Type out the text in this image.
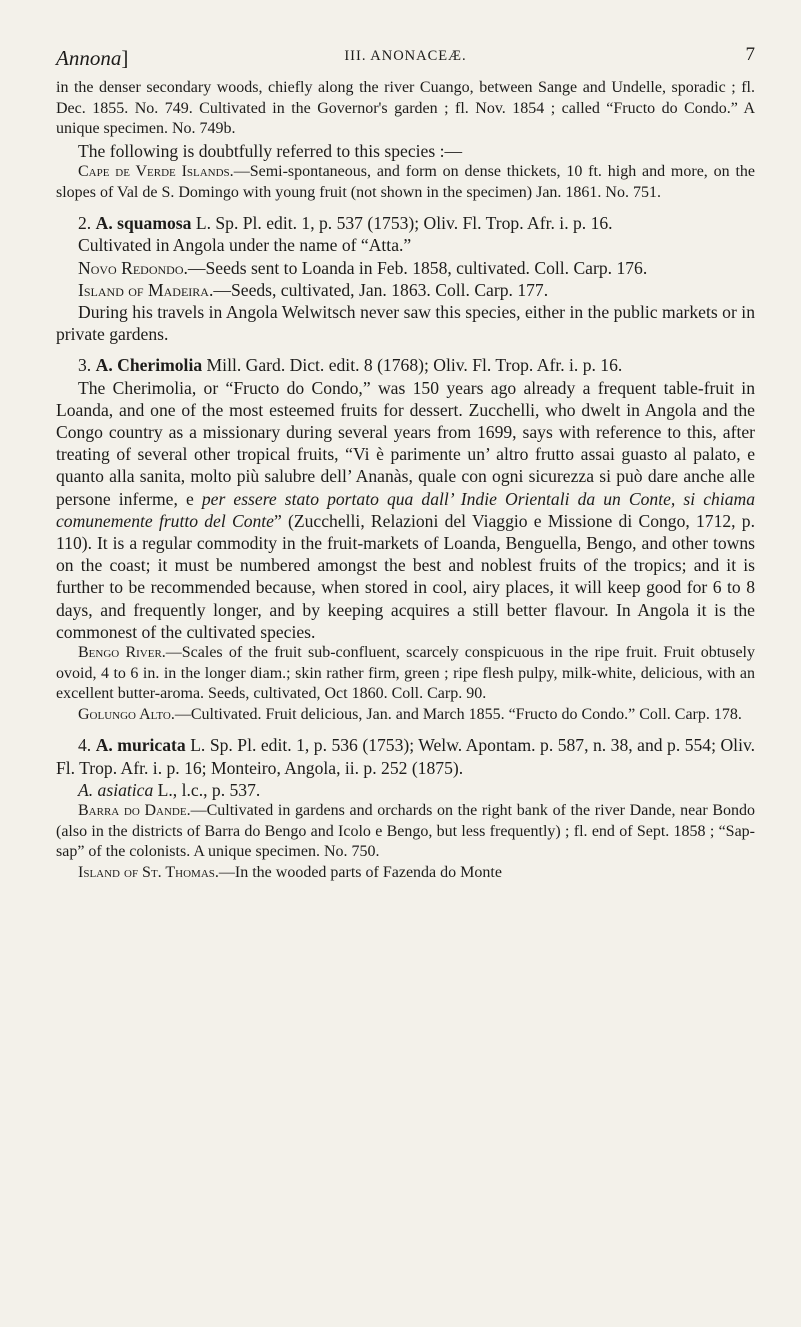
Annona]	III. ANONACEÆ.	7

in the denser secondary woods, chiefly along the river Cuango, between Sange and Undelle, sporadic ; fl. Dec. 1855. No. 749. Cultivated in the Governor's garden ; fl. Nov. 1854 ; called “Fructo do Condo.” A unique specimen. No. 749b.

The following is doubtfully referred to this species :—

Cape de Verde Islands.—Semi-spontaneous, and form on dense thickets, 10 ft. high and more, on the slopes of Val de S. Domingo with young fruit (not shown in the specimen) Jan. 1861. No. 751.

2. A. squamosa L. Sp. Pl. edit. 1, p. 537 (1753); Oliv. Fl. Trop. Afr. i. p. 16.

Cultivated in Angola under the name of “Atta.”

Novo Redondo.—Seeds sent to Loanda in Feb. 1858, cultivated. Coll. Carp. 176.

Island of Madeira.—Seeds, cultivated, Jan. 1863. Coll. Carp. 177.

During his travels in Angola Welwitsch never saw this species, either in the public markets or in private gardens.

3. A. Cherimolia Mill. Gard. Dict. edit. 8 (1768); Oliv. Fl. Trop. Afr. i. p. 16.

The Cherimolia, or “Fructo do Condo,” was 150 years ago already a frequent table-fruit in Loanda, and one of the most esteemed fruits for dessert. Zucchelli, who dwelt in Angola and the Congo country as a missionary during several years from 1699, says with reference to this, after treating of several other tropical fruits, “Vi è parimente un’ altro frutto assai guasto al palato, e quanto alla sanita, molto più salubre dell’ Ananàs, quale con ogni sicurezza si può dare anche alle persone inferme, e per essere stato portato qua dall’ Indie Orientali da un Conte, si chiama comunemente frutto del Conte” (Zucchelli, Relazioni del Viaggio e Missione di Congo, 1712, p. 110). It is a regular commodity in the fruit-markets of Loanda, Benguella, Bengo, and other towns on the coast; it must be numbered amongst the best and noblest fruits of the tropics; and it is further to be recommended because, when stored in cool, airy places, it will keep good for 6 to 8 days, and frequently longer, and by keeping acquires a still better flavour. In Angola it is the commonest of the cultivated species.

Bengo River.—Scales of the fruit sub-confluent, scarcely conspicuous in the ripe fruit. Fruit obtusely ovoid, 4 to 6 in. in the longer diam.; skin rather firm, green ; ripe flesh pulpy, milk-white, delicious, with an excellent butter-aroma. Seeds, cultivated, Oct 1860. Coll. Carp. 90.

Golungo Alto.—Cultivated. Fruit delicious, Jan. and March 1855. “Fructo do Condo.” Coll. Carp. 178.

4. A. muricata L. Sp. Pl. edit. 1, p. 536 (1753); Welw. Apontam. p. 587, n. 38, and p. 554; Oliv. Fl. Trop. Afr. i. p. 16; Monteiro, Angola, ii. p. 252 (1875).

A. asiatica L., l.c., p. 537.

Barra do Dande.—Cultivated in gardens and orchards on the right bank of the river Dande, near Bondo (also in the districts of Barra do Bengo and Icolo e Bengo, but less frequently) ; fl. end of Sept. 1858 ; “Sap-sap” of the colonists. A unique specimen. No. 750.

Island of St. Thomas.—In the wooded parts of Fazenda do Monte
